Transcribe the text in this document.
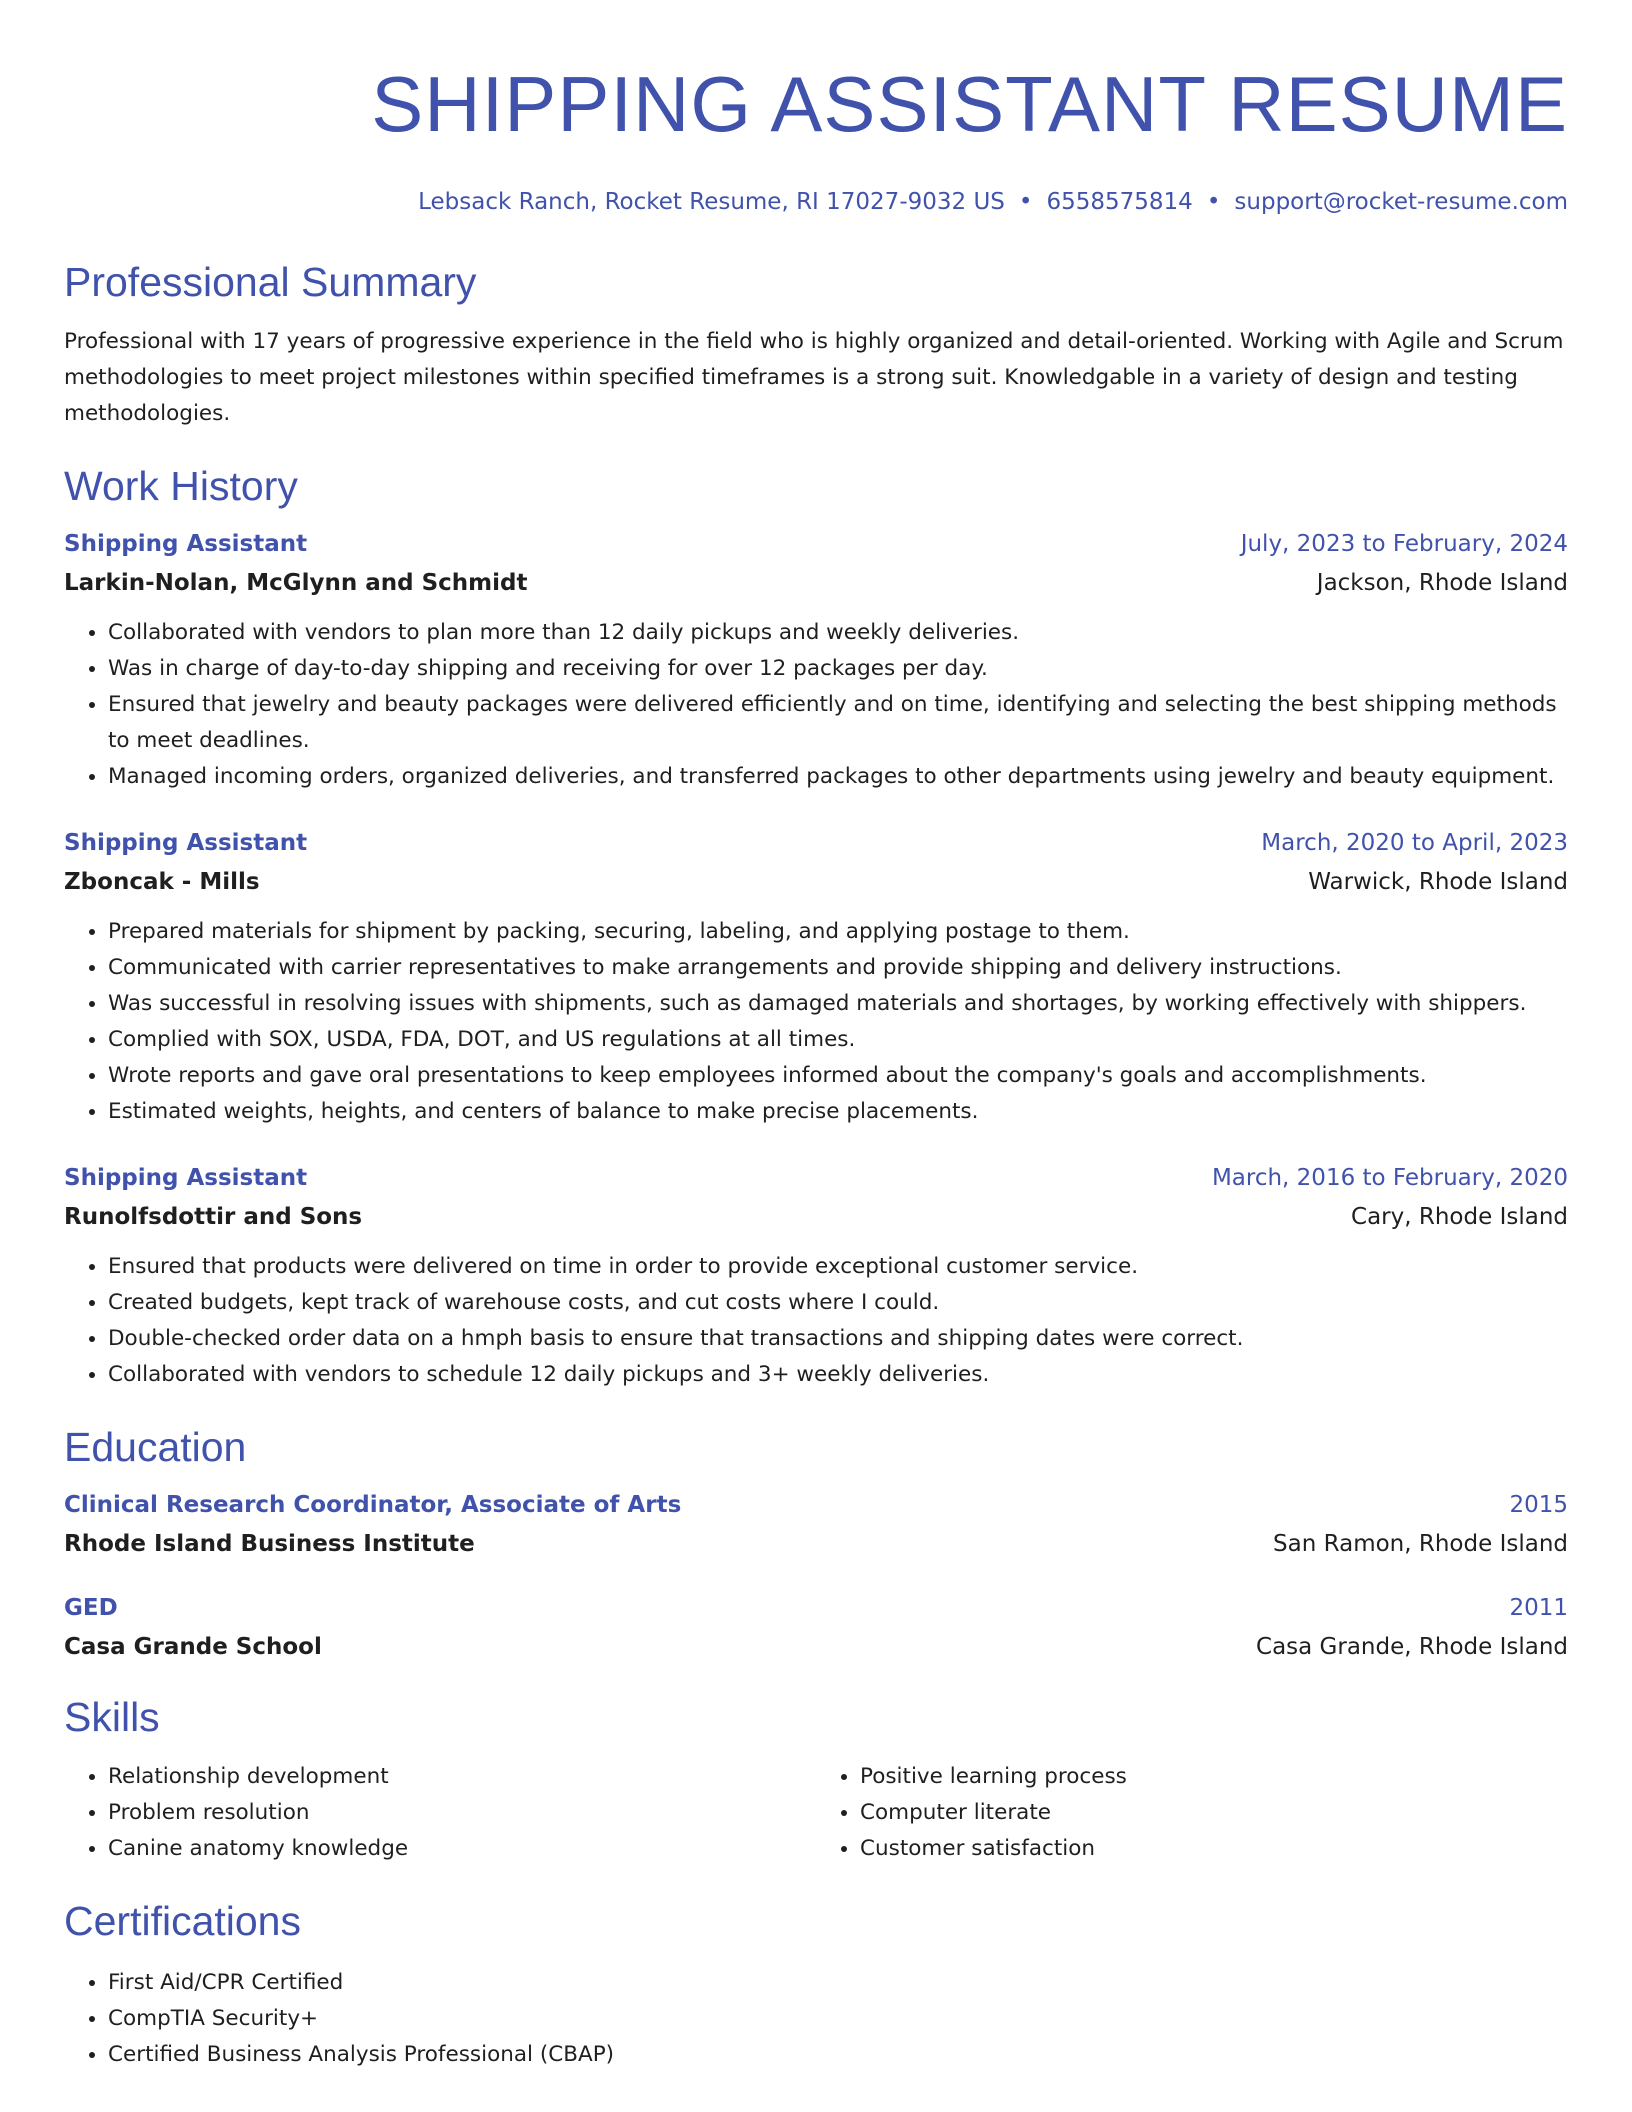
SHIPPING ASSISTANT RESUME
Lebsack Ranch, Rocket Resume, RI 17027-9032 US • 6558575814 • support@rocket-resume.com
Professional Summary
Professional with 17 years of progressive experience in the field who is highly organized and detail-oriented. Working with Agile and Scrum methodologies to meet project milestones within specified timeframes is a strong suit. Knowledgable in a variety of design and testing methodologies.
Work History
Shipping Assistant	July, 2023 to February, 2024
Larkin-Nolan, McGlynn and Schmidt	Jackson, Rhode Island
• Collaborated with vendors to plan more than 12 daily pickups and weekly deliveries.
• Was in charge of day-to-day shipping and receiving for over 12 packages per day.
• Ensured that jewelry and beauty packages were delivered efficiently and on time, identifying and selecting the best shipping methods to meet deadlines.
• Managed incoming orders, organized deliveries, and transferred packages to other departments using jewelry and beauty equipment.
Shipping Assistant	March, 2020 to April, 2023
Zboncak - Mills	Warwick, Rhode Island
• Prepared materials for shipment by packing, securing, labeling, and applying postage to them.
• Communicated with carrier representatives to make arrangements and provide shipping and delivery instructions.
• Was successful in resolving issues with shipments, such as damaged materials and shortages, by working effectively with shippers.
• Complied with SOX, USDA, FDA, DOT, and US regulations at all times.
• Wrote reports and gave oral presentations to keep employees informed about the company's goals and accomplishments.
• Estimated weights, heights, and centers of balance to make precise placements.
Shipping Assistant	March, 2016 to February, 2020
Runolfsdottir and Sons	Cary, Rhode Island
• Ensured that products were delivered on time in order to provide exceptional customer service.
• Created budgets, kept track of warehouse costs, and cut costs where I could.
• Double-checked order data on a hmph basis to ensure that transactions and shipping dates were correct.
• Collaborated with vendors to schedule 12 daily pickups and 3+ weekly deliveries.
Education
Clinical Research Coordinator, Associate of Arts	2015
Rhode Island Business Institute	San Ramon, Rhode Island
GED	2011
Casa Grande School	Casa Grande, Rhode Island
Skills
• Relationship development
• Problem resolution
• Canine anatomy knowledge
• Positive learning process
• Computer literate
• Customer satisfaction
Certifications
• First Aid/CPR Certified
• CompTIA Security+
• Certified Business Analysis Professional (CBAP)
